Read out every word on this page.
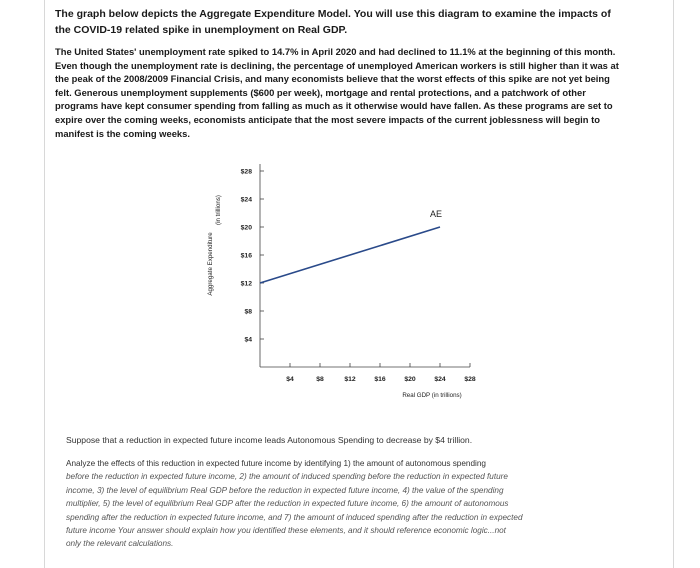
The graph below depicts the Aggregate Expenditure Model. You will use this diagram to examine the impacts of the COVID-19 related spike in unemployment on Real GDP.
The United States' unemployment rate spiked to 14.7% in April 2020 and had declined to 11.1% at the beginning of this month. Even though the unemployment rate is declining, the percentage of unemployed American workers is still higher than it was at the peak of the 2008/2009 Financial Crisis, and many economists believe that the worst effects of this spike are not yet being felt. Generous unemployment supplements ($600 per week), mortgage and rental protections, and a patchwork of other programs have kept consumer spending from falling as much as it otherwise would have fallen. As these programs are set to expire over the coming weeks, economists anticipate that the most severe impacts of the current joblessness will begin to manifest is the coming weeks.
Aggregate Expenditure
(in trillions)
$28
$24
$20
$16
$12
$8
$4
$4	$8	$12	$16	$20	$24	$28
AE
Real GDP (in trillions)
Suppose that a reduction in expected future income leads Autonomous Spending to decrease by $4 trillion.
Analyze the effects of this reduction in expected future income by identifying 1) the amount of autonomous spending
before the reduction in expected future income, 2) the amount of induced spending before the reduction in expected future
income, 3) the level of equilibrium Real GDP before the reduction in expected future income, 4) the value of the spending
multiplier, 5) the level of equilibrium Real GDP after the reduction in expected future income, 6) the amount of autonomous
spending after the reduction in expected future income, and 7) the amount of induced spending after the reduction in expected
future income Your answer should explain how you identified these elements, and it should reference economic logic...not
only the relevant calculations.
